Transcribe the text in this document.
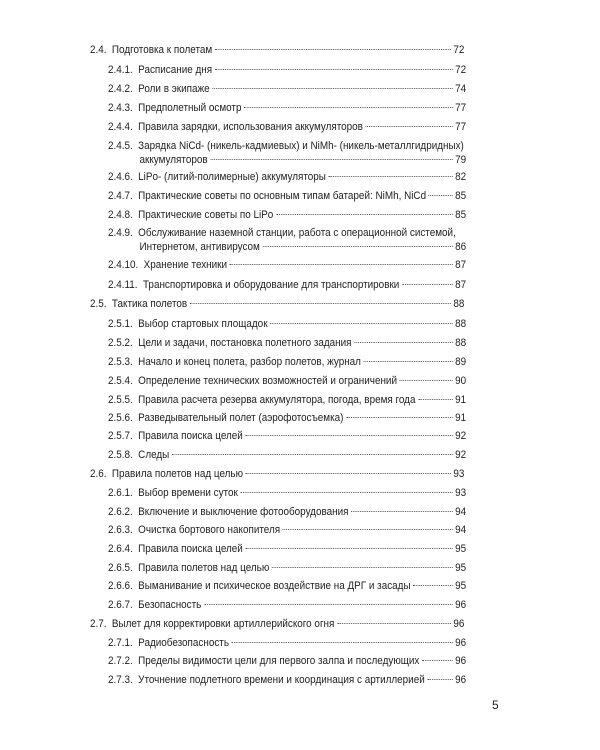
2.4. Подготовка к полетам	72
2.4.1. Расписание дня	72
2.4.2. Роли в экипаже	74
2.4.3. Предполетный осмотр	77
2.4.4. Правила зарядки, использования аккумуляторов	77
2.4.5. Зарядка NiCd- (никель-кадмиевых) и NiMh- (никель-металлгидридных)
аккумуляторов	79
2.4.6. LiPo- (литий-полимерные) аккумуляторы	82
2.4.7. Практические советы по основным типам батарей: NiMh, NiCd	85
2.4.8. Практические советы по LiPo	85
2.4.9. Обслуживание наземной станции, работа с операционной системой,
Интернетом, антивирусом	86
2.4.10. Хранение техники	87
2.4.11. Транспортировка и оборудование для транспортировки	87
2.5. Тактика полетов	88
2.5.1. Выбор стартовых площадок	88
2.5.2. Цели и задачи, постановка полетного задания	88
2.5.3. Начало и конец полета, разбор полетов, журнал	89
2.5.4. Определение технических возможностей и ограничений	90
2.5.5. Правила расчета резерва аккумулятора, погода, время года	91
2.5.6. Разведывательный полет (аэрофотосъемка)	91
2.5.7. Правила поиска целей	92
2.5.8. Следы	92
2.6. Правила полетов над целью	93
2.6.1. Выбор времени суток	93
2.6.2. Включение и выключение фотооборудования	94
2.6.3. Очистка бортового накопителя	94
2.6.4. Правила поиска целей	95
2.6.5. Правила полетов над целью	95
2.6.6. Выманивание и психическое воздействие на ДРГ и засады	95
2.6.7. Безопасность	96
2.7. Вылет для корректировки артиллерийского огня	96
2.7.1. Радиобезопасность	96
2.7.2. Пределы видимости цели для первого залпа и последующих	96
2.7.3. Уточнение подлетного времени и координация с артиллерией	96
5
